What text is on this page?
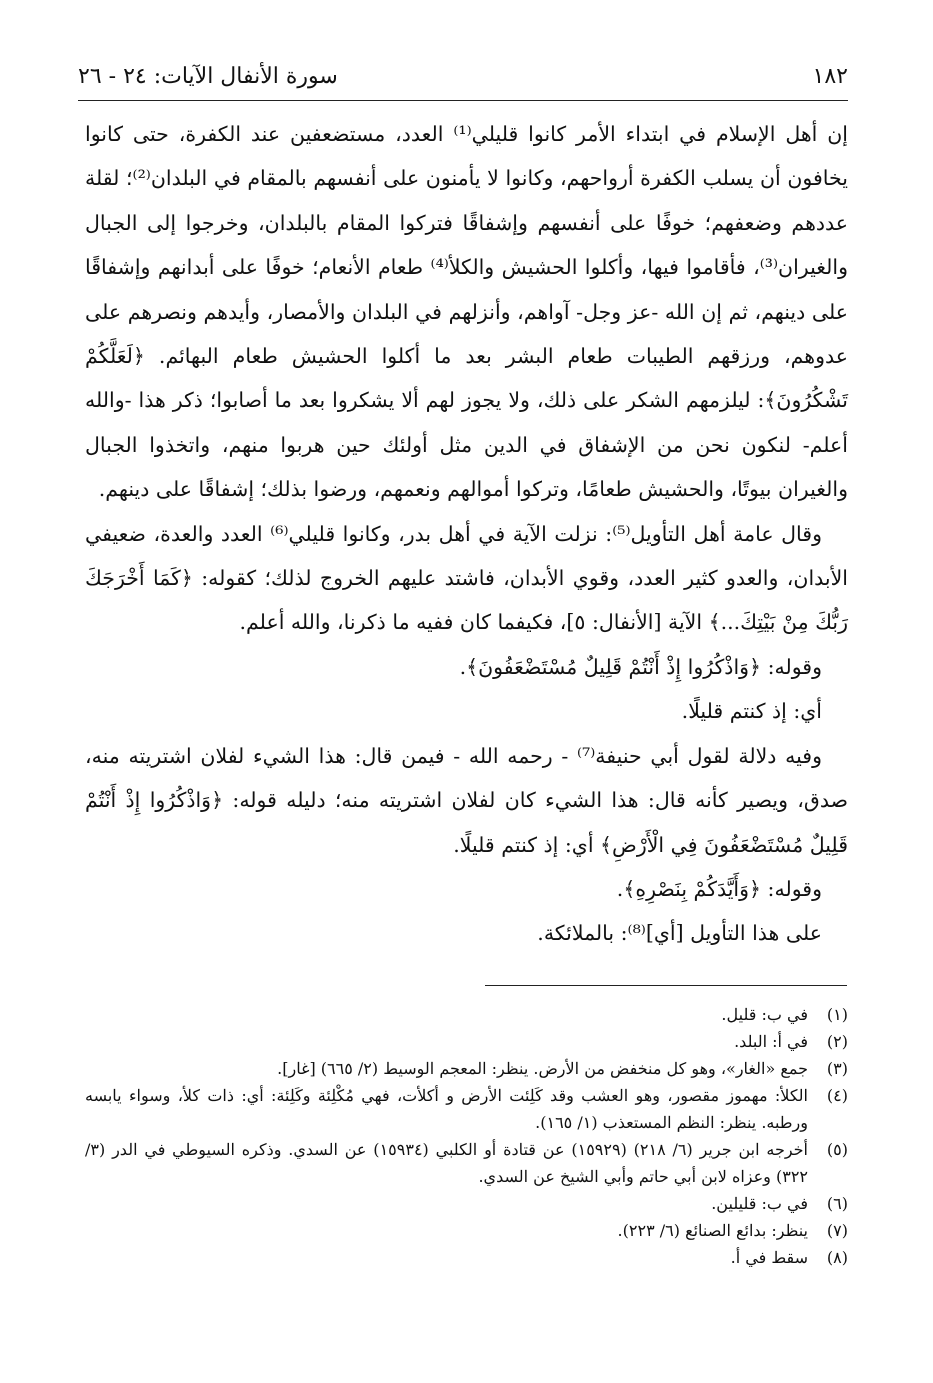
١٨٢
سورة الأنفال الآيات: ٢٤ - ٢٦

إن أهل الإسلام في ابتداء الأمر كانوا قليلي⁽¹⁾ العدد، مستضعفين عند الكفرة، حتى كانوا يخافون أن يسلب الكفرة أرواحهم، وكانوا لا يأمنون على أنفسهم بالمقام في البلدان⁽²⁾؛ لقلة عددهم وضعفهم؛ خوفًا على أنفسهم وإشفاقًا فتركوا المقام بالبلدان، وخرجوا إلى الجبال والغيران⁽³⁾، فأقاموا فيها، وأكلوا الحشيش والكلأ⁽⁴⁾ طعام الأنعام؛ خوفًا على أبدانهم وإشفاقًا على دينهم، ثم إن الله -عز وجل- آواهم، وأنزلهم في البلدان والأمصار، وأيدهم ونصرهم على عدوهم، ورزقهم الطيبات طعام البشر بعد ما أكلوا الحشيش طعام البهائم. ﴿لَعَلَّكُمْ تَشْكُرُونَ﴾: ليلزمهم الشكر على ذلك، ولا يجوز لهم ألا يشكروا بعد ما أصابوا؛ ذكر هذا -والله أعلم- لنكون نحن من الإشفاق في الدين مثل أولئك حين هربوا منهم، واتخذوا الجبال والغيران بيوتًا، والحشيش طعامًا، وتركوا أموالهم ونعمهم، ورضوا بذلك؛ إشفاقًا على دينهم.

وقال عامة أهل التأويل⁽⁵⁾: نزلت الآية في أهل بدر، وكانوا قليلي⁽⁶⁾ العدد والعدة، ضعيفي الأبدان، والعدو كثير العدد، وقوي الأبدان، فاشتد عليهم الخروج لذلك؛ كقوله: ﴿كَمَا أَخْرَجَكَ رَبُّكَ مِنْ بَيْتِكَ...﴾ الآية [الأنفال: ٥]، فكيفما كان ففيه ما ذكرنا، والله أعلم.

وقوله: ﴿وَاذْكُرُوا إِذْ أَنْتُمْ قَلِيلٌ مُسْتَضْعَفُونَ﴾.

أي: إذ كنتم قليلًا.

وفيه دلالة لقول أبي حنيفة⁽⁷⁾ - رحمه الله - فيمن قال: هذا الشيء لفلان اشتريته منه، صدق، ويصير كأنه قال: هذا الشيء كان لفلان اشتريته منه؛ دليله قوله: ﴿وَاذْكُرُوا إِذْ أَنْتُمْ قَلِيلٌ مُسْتَضْعَفُونَ فِي الْأَرْضِ﴾ أي: إذ كنتم قليلًا.

وقوله: ﴿وَأَيَّدَكُمْ بِنَصْرِهِ﴾.

على هذا التأويل [أي]⁽⁸⁾: بالملائكة.

(١)
في ب: قليل.
(٢)
في أ: البلد.
(٣)
جمع «الغار»، وهو كل منخفض من الأرض. ينظر: المعجم الوسيط (٢/ ٦٦٥) [غار].
(٤)
الكلأ: مهموز مقصور، وهو العشب وقد كَلِئت الأرض و أكلأت، فهي مُكْلِئة وكَلِئة: أي: ذات كلأ، وسواء يابسه ورطبه. ينظر: النظم المستعذب (١/ ١٦٥).
(٥)
أخرجه ابن جرير (٦/ ٢١٨) (١٥٩٢٩) عن قتادة أو الكلبي (١٥٩٣٤) عن السدي. وذكره السيوطي في الدر (٣/ ٣٢٢) وعزاه لابن أبي حاتم وأبي الشيخ عن السدي.
(٦)
في ب: قليلين.
(٧)
ينظر: بدائع الصنائع (٦/ ٢٢٣).
(٨)
سقط في أ.
